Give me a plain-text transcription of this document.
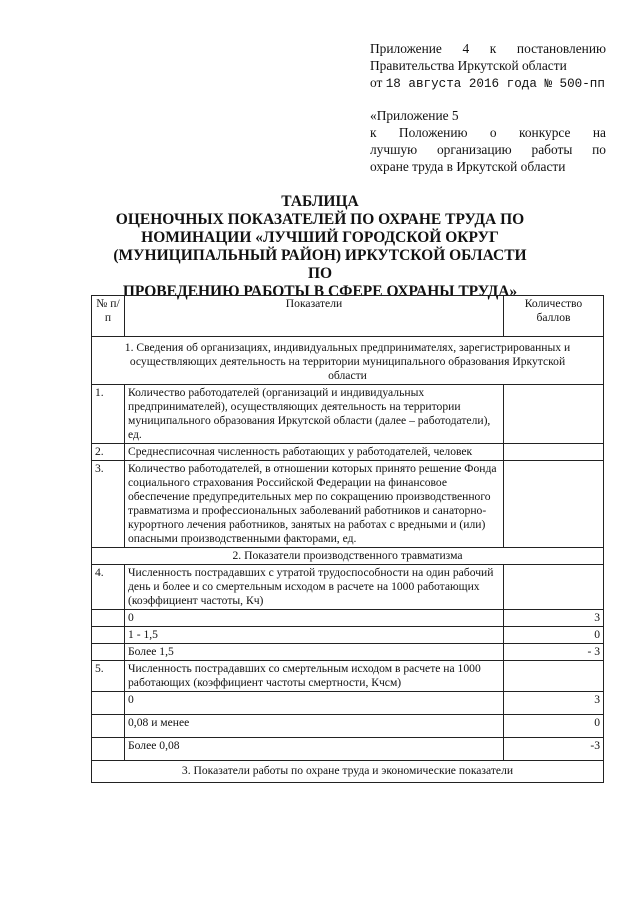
Приложение 4 к постановлению
Правительства Иркутской области
от 18 августа 2016 года № 500-пп
«Приложение 5
к Положению о конкурсе на
лучшую организацию работы по
охране труда в Иркутской области
ТАБЛИЦА
ОЦЕНОЧНЫХ ПОКАЗАТЕЛЕЙ ПО ОХРАНЕ ТРУДА ПО
НОМИНАЦИИ «ЛУЧШИЙ ГОРОДСКОЙ ОКРУГ
(МУНИЦИПАЛЬНЫЙ РАЙОН) ИРКУТСКОЙ ОБЛАСТИ ПО
ПРОВЕДЕНИЮ РАБОТЫ В СФЕРЕ ОХРАНЫ ТРУДА»
№ п/п	Показатели	Количество баллов
1. Сведения об организациях, индивидуальных предпринимателях, зарегистрированных и осуществляющих деятельность на территории муниципального образования Иркутской области		
1.	Количество работодателей (организаций и индивидуальных предпринимателей), осуществляющих деятельность на территории муниципального образования Иркутской области (далее – работодатели), ед.	
2.	Среднесписочная численность работающих у работодателей, человек	
3.	Количество работодателей, в отношении которых принято решение Фонда социального страхования Российской Федерации на финансовое обеспечение предупредительных мер по сокращению производственного травматизма и профессиональных заболеваний работников и санаторно-курортного лечения работников, занятых на работах с вредными и (или) опасными производственными факторами, ед.	
2. Показатели производственного травматизма		
4.	Численность пострадавших с утратой трудоспособности на один рабочий день и более и со смертельным исходом в расчете на 1000 работающих (коэффициент частоты, Кч)	
	0	3
	1 - 1,5	0
	Более 1,5	- 3
5.	Численность пострадавших со смертельным исходом в расчете на 1000 работающих (коэффициент частоты смертности, Кчсм)	
	0	3
	0,08 и менее	0
	Более 0,08	-3
3. Показатели работы по охране труда и экономические показатели		
